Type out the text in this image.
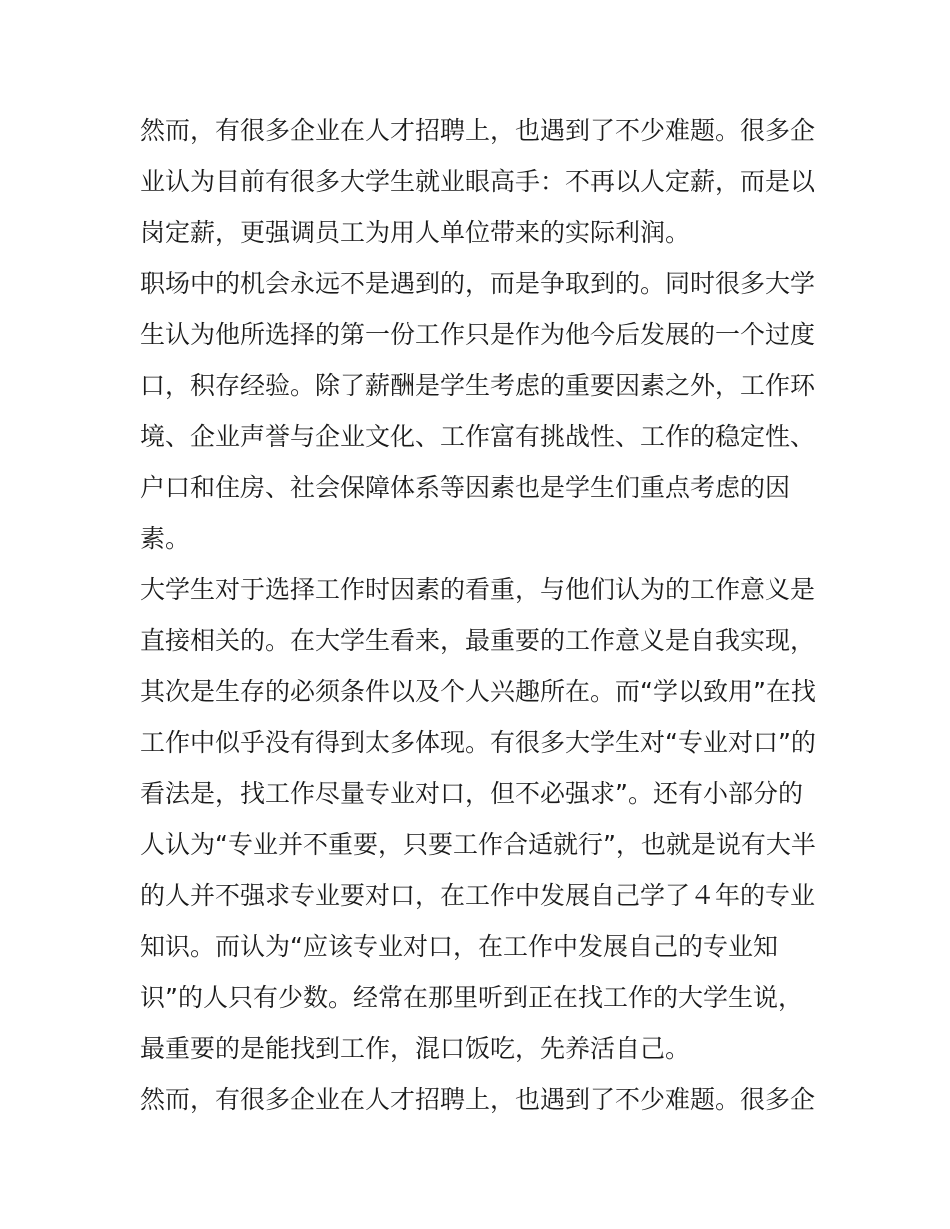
然而，有很多企业在人才招聘上，也遇到了不少难题。很多企
业认为目前有很多大学生就业眼高手：不再以人定薪，而是以
岗定薪，更强调员工为用人单位带来的实际利润。

职场中的机会永远不是遇到的，而是争取到的。同时很多大学
生认为他所选择的第一份工作只是作为他今后发展的一个过度
口，积存经验。除了薪酬是学生考虑的重要因素之外，工作环
境、企业声誉与企业文化、工作富有挑战性、工作的稳定性、
户口和住房、社会保障体系等因素也是学生们重点考虑的因
素。

大学生对于选择工作时因素的看重，与他们认为的工作意义是
直接相关的。在大学生看来，最重要的工作意义是自我实现，
其次是生存的必须条件以及个人兴趣所在。而“学以致用”在找
工作中似乎没有得到太多体现。有很多大学生对“专业对口”的
看法是，找工作尽量专业对口，但不必强求”。还有小部分的
人认为“专业并不重要，只要工作合适就行”，也就是说有大半
的人并不强求专业要对口，在工作中发展自己学了４年的专业
知识。而认为“应该专业对口，在工作中发展自己的专业知
识”的人只有少数。经常在那里听到正在找工作的大学生说，
最重要的是能找到工作，混口饭吃，先养活自己。

然而，有很多企业在人才招聘上，也遇到了不少难题。很多企
